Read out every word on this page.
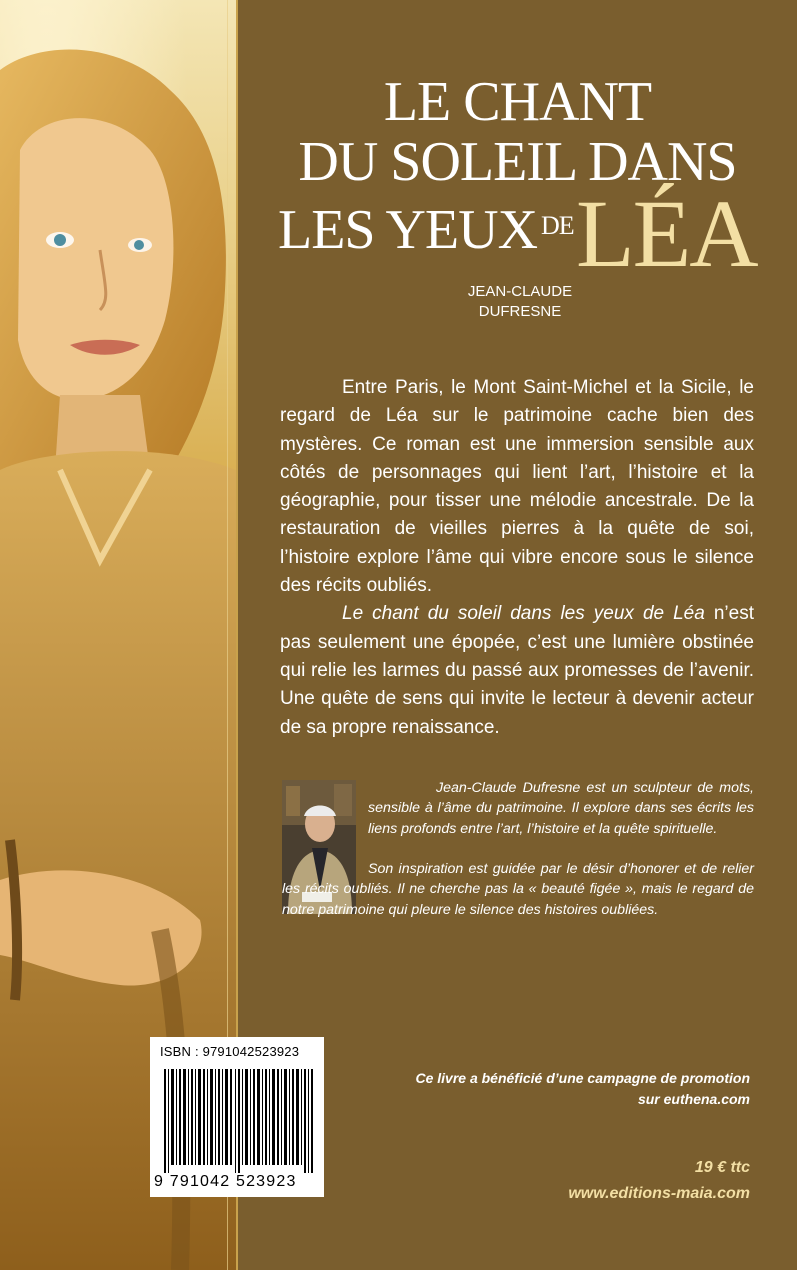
LE CHANT
DU SOLEIL DANS
LES YEUX $^{DE}$ LÉA
JEAN-CLAUDE
DUFRESNE

Entre Paris, le Mont Saint-Michel et la Sicile, le regard de Léa sur le patrimoine cache bien des mystères. Ce roman est une immersion sensible aux côtés de personnages qui lient l’art, l’histoire et la géographie, pour tisser une mélodie ancestrale. De la restauration de vieilles pierres à la quête de soi, l’histoire explore l’âme qui vibre encore sous le silence des récits oubliés.

Le chant du soleil dans les yeux de Léa n’est pas seulement une épopée, c’est une lumière obstinée qui relie les larmes du passé aux promesses de l’avenir. Une quête de sens qui invite le lecteur à devenir acteur de sa propre renaissance.

Jean-Claude Dufresne est un sculpteur de mots, sensible à l’âme du patrimoine. Il explore dans ses écrits les liens profonds entre l’art, l’histoire et la quête spirituelle.
Son inspiration est guidée par le désir d’honorer et de relier les récits oubliés. Il ne cherche pas la « beauté figée », mais le regard de notre patrimoine qui pleure le silence des histoires oubliées.
ISBN : 9791042523923
9 791042 523923
Ce livre a bénéficié d’une campagne de promotion
sur euthena.com
19 € ttc
www.editions-maia.com
